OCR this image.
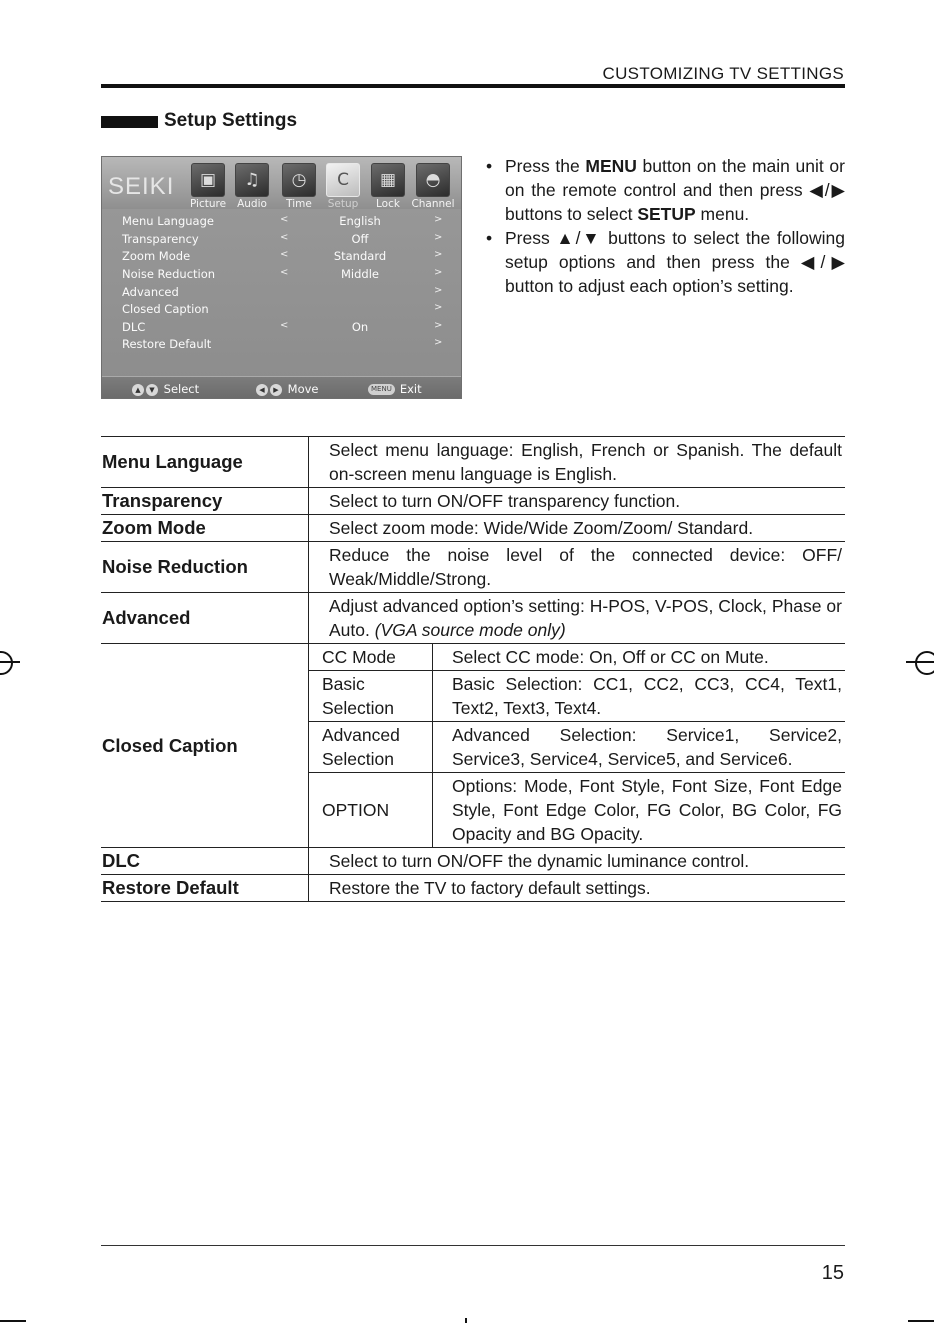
CUSTOMIZING TV SETTINGS
Setup Settings
SEIKI	▣
Picture
♫
Audio
◷
Time
C
Setup
▦
Lock
◓
Channel
Menu Language	<	English	>
Transparency	<	Off	>
Zoom Mode	<	Standard	>
Noise Reduction	<	Middle	>
Advanced	>
Closed Caption	>
DLC	<	On	>
Restore Default	>
▲ ▼ Select	◀ ▶ Move	MENU Exit
• Press the MENU button on the main unit or on the remote control and then press ◀/▶ buttons to select SETUP menu.
• Press ▲/▼ buttons to select the following setup options and then press the ◀/▶ button to adjust each option’s setting.
Menu Language	Select menu language: English, French or Spanish. The default on-screen menu language is English.	
Transparency	Select to turn ON/OFF transparency function.	
Zoom Mode	Select zoom mode: Wide/Wide Zoom/Zoom/ Standard.	
Noise Reduction	Reduce the noise level of the connected device: OFF/ Weak/Middle/Strong.	
Advanced	Adjust advanced option’s setting: H-POS, V-POS, Clock, Phase or Auto. (VGA source mode only)	
Closed Caption	CC Mode	Select CC mode: On, Off or CC on Mute.
	Basic Selection	Basic Selection: CC1, CC2, CC3, CC4, Text1, Text2, Text3, Text4.
	Advanced Selection	Advanced Selection: Service1, Service2, Service3, Service4, Service5, and Service6.
	OPTION	Options: Mode, Font Style, Font Size, Font Edge Style, Font Edge Color, FG Color, BG Color, FG Opacity and BG Opacity.
DLC	Select to turn ON/OFF the dynamic luminance control.	
Restore Default	Restore the TV to factory default settings.	
15
